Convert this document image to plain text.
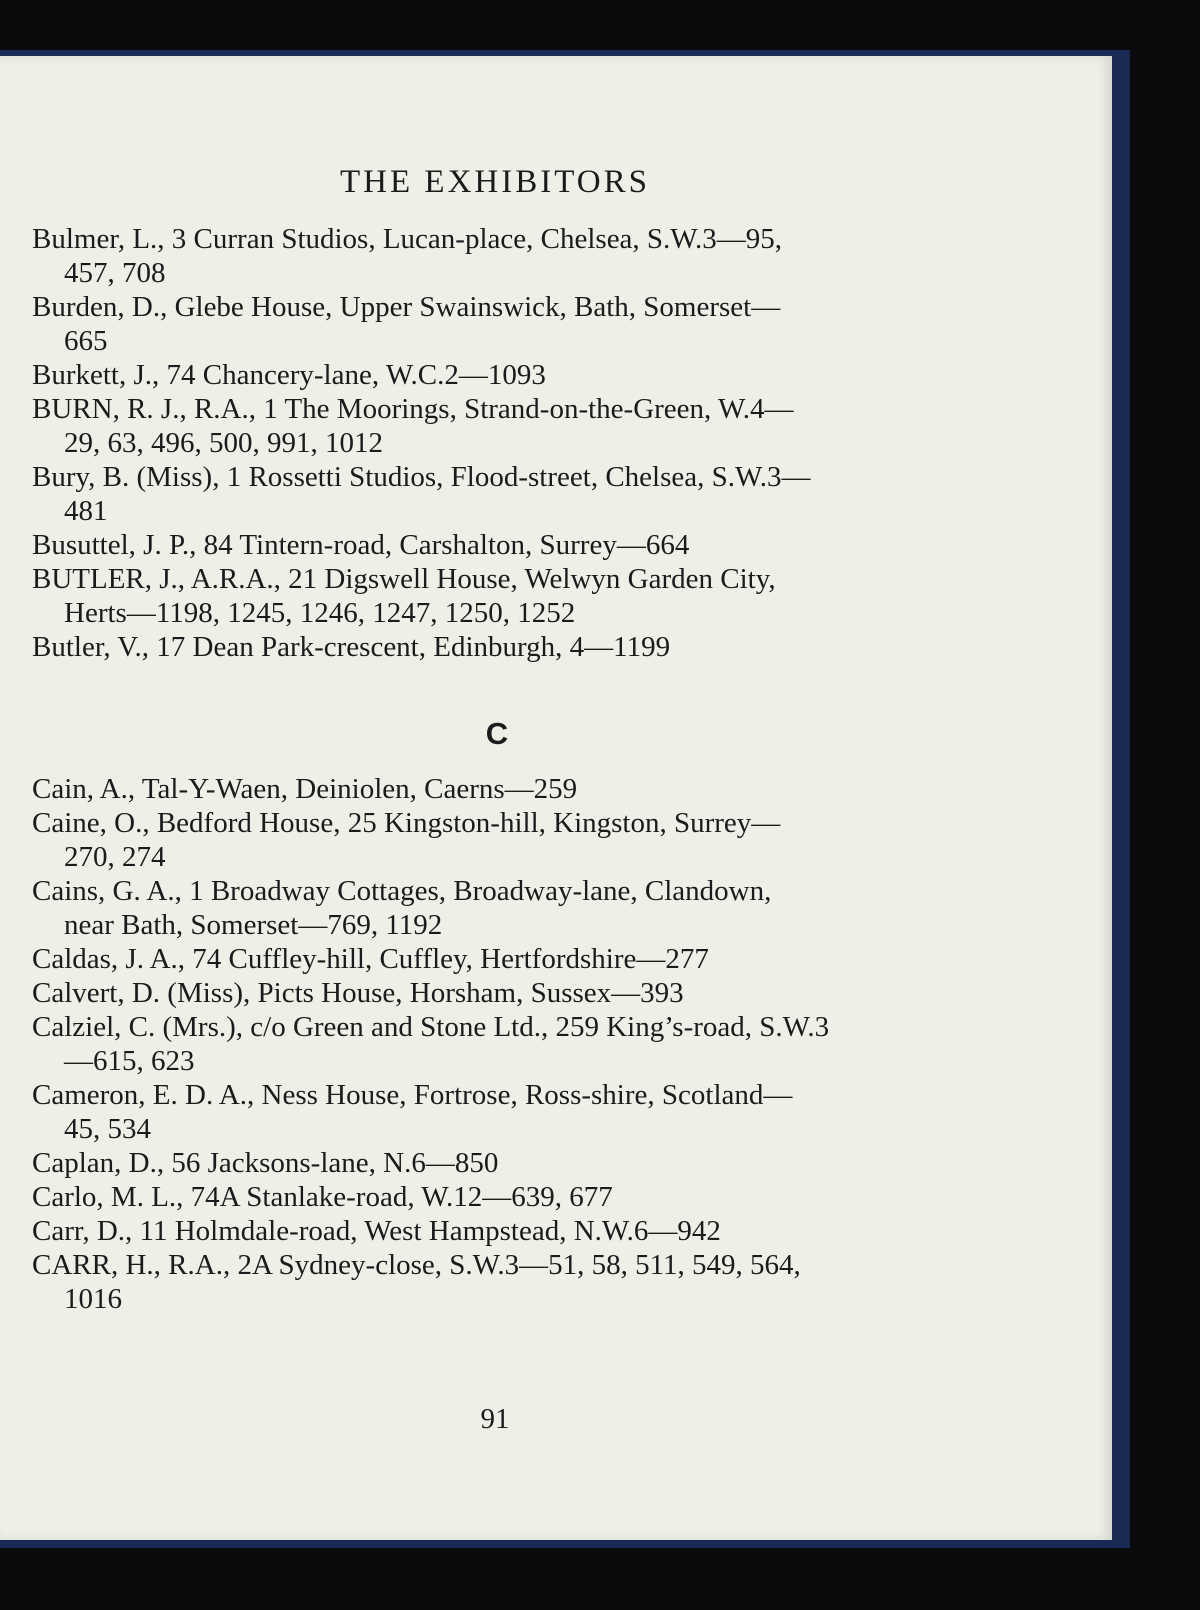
THE EXHIBITORS
Bulmer, L., 3 Curran Studios, Lucan-place, Chelsea, S.W.3—95,
457, 708
Burden, D., Glebe House, Upper Swainswick, Bath, Somerset—
665
Burkett, J., 74 Chancery-lane, W.C.2—1093
BURN, R. J., R.A., 1 The Moorings, Strand-on-the-Green, W.4—
29, 63, 496, 500, 991, 1012
Bury, B. (Miss), 1 Rossetti Studios, Flood-street, Chelsea, S.W.3—
481
Busuttel, J. P., 84 Tintern-road, Carshalton, Surrey—664
BUTLER, J., A.R.A., 21 Digswell House, Welwyn Garden City,
Herts—1198, 1245, 1246, 1247, 1250, 1252
Butler, V., 17 Dean Park-crescent, Edinburgh, 4—1199
C
Cain, A., Tal-Y-Waen, Deiniolen, Caerns—259
Caine, O., Bedford House, 25 Kingston-hill, Kingston, Surrey—
270, 274
Cains, G. A., 1 Broadway Cottages, Broadway-lane, Clandown,
near Bath, Somerset—769, 1192
Caldas, J. A., 74 Cuffley-hill, Cuffley, Hertfordshire—277
Calvert, D. (Miss), Picts House, Horsham, Sussex—393
Calziel, C. (Mrs.), c/o Green and Stone Ltd., 259 King’s-road, S.W.3
—615, 623
Cameron, E. D. A., Ness House, Fortrose, Ross-shire, Scotland—
45, 534
Caplan, D., 56 Jacksons-lane, N.6—850
Carlo, M. L., 74A Stanlake-road, W.12—639, 677
Carr, D., 11 Holmdale-road, West Hampstead, N.W.6—942
CARR, H., R.A., 2A Sydney-close, S.W.3—51, 58, 511, 549, 564,
1016
91
